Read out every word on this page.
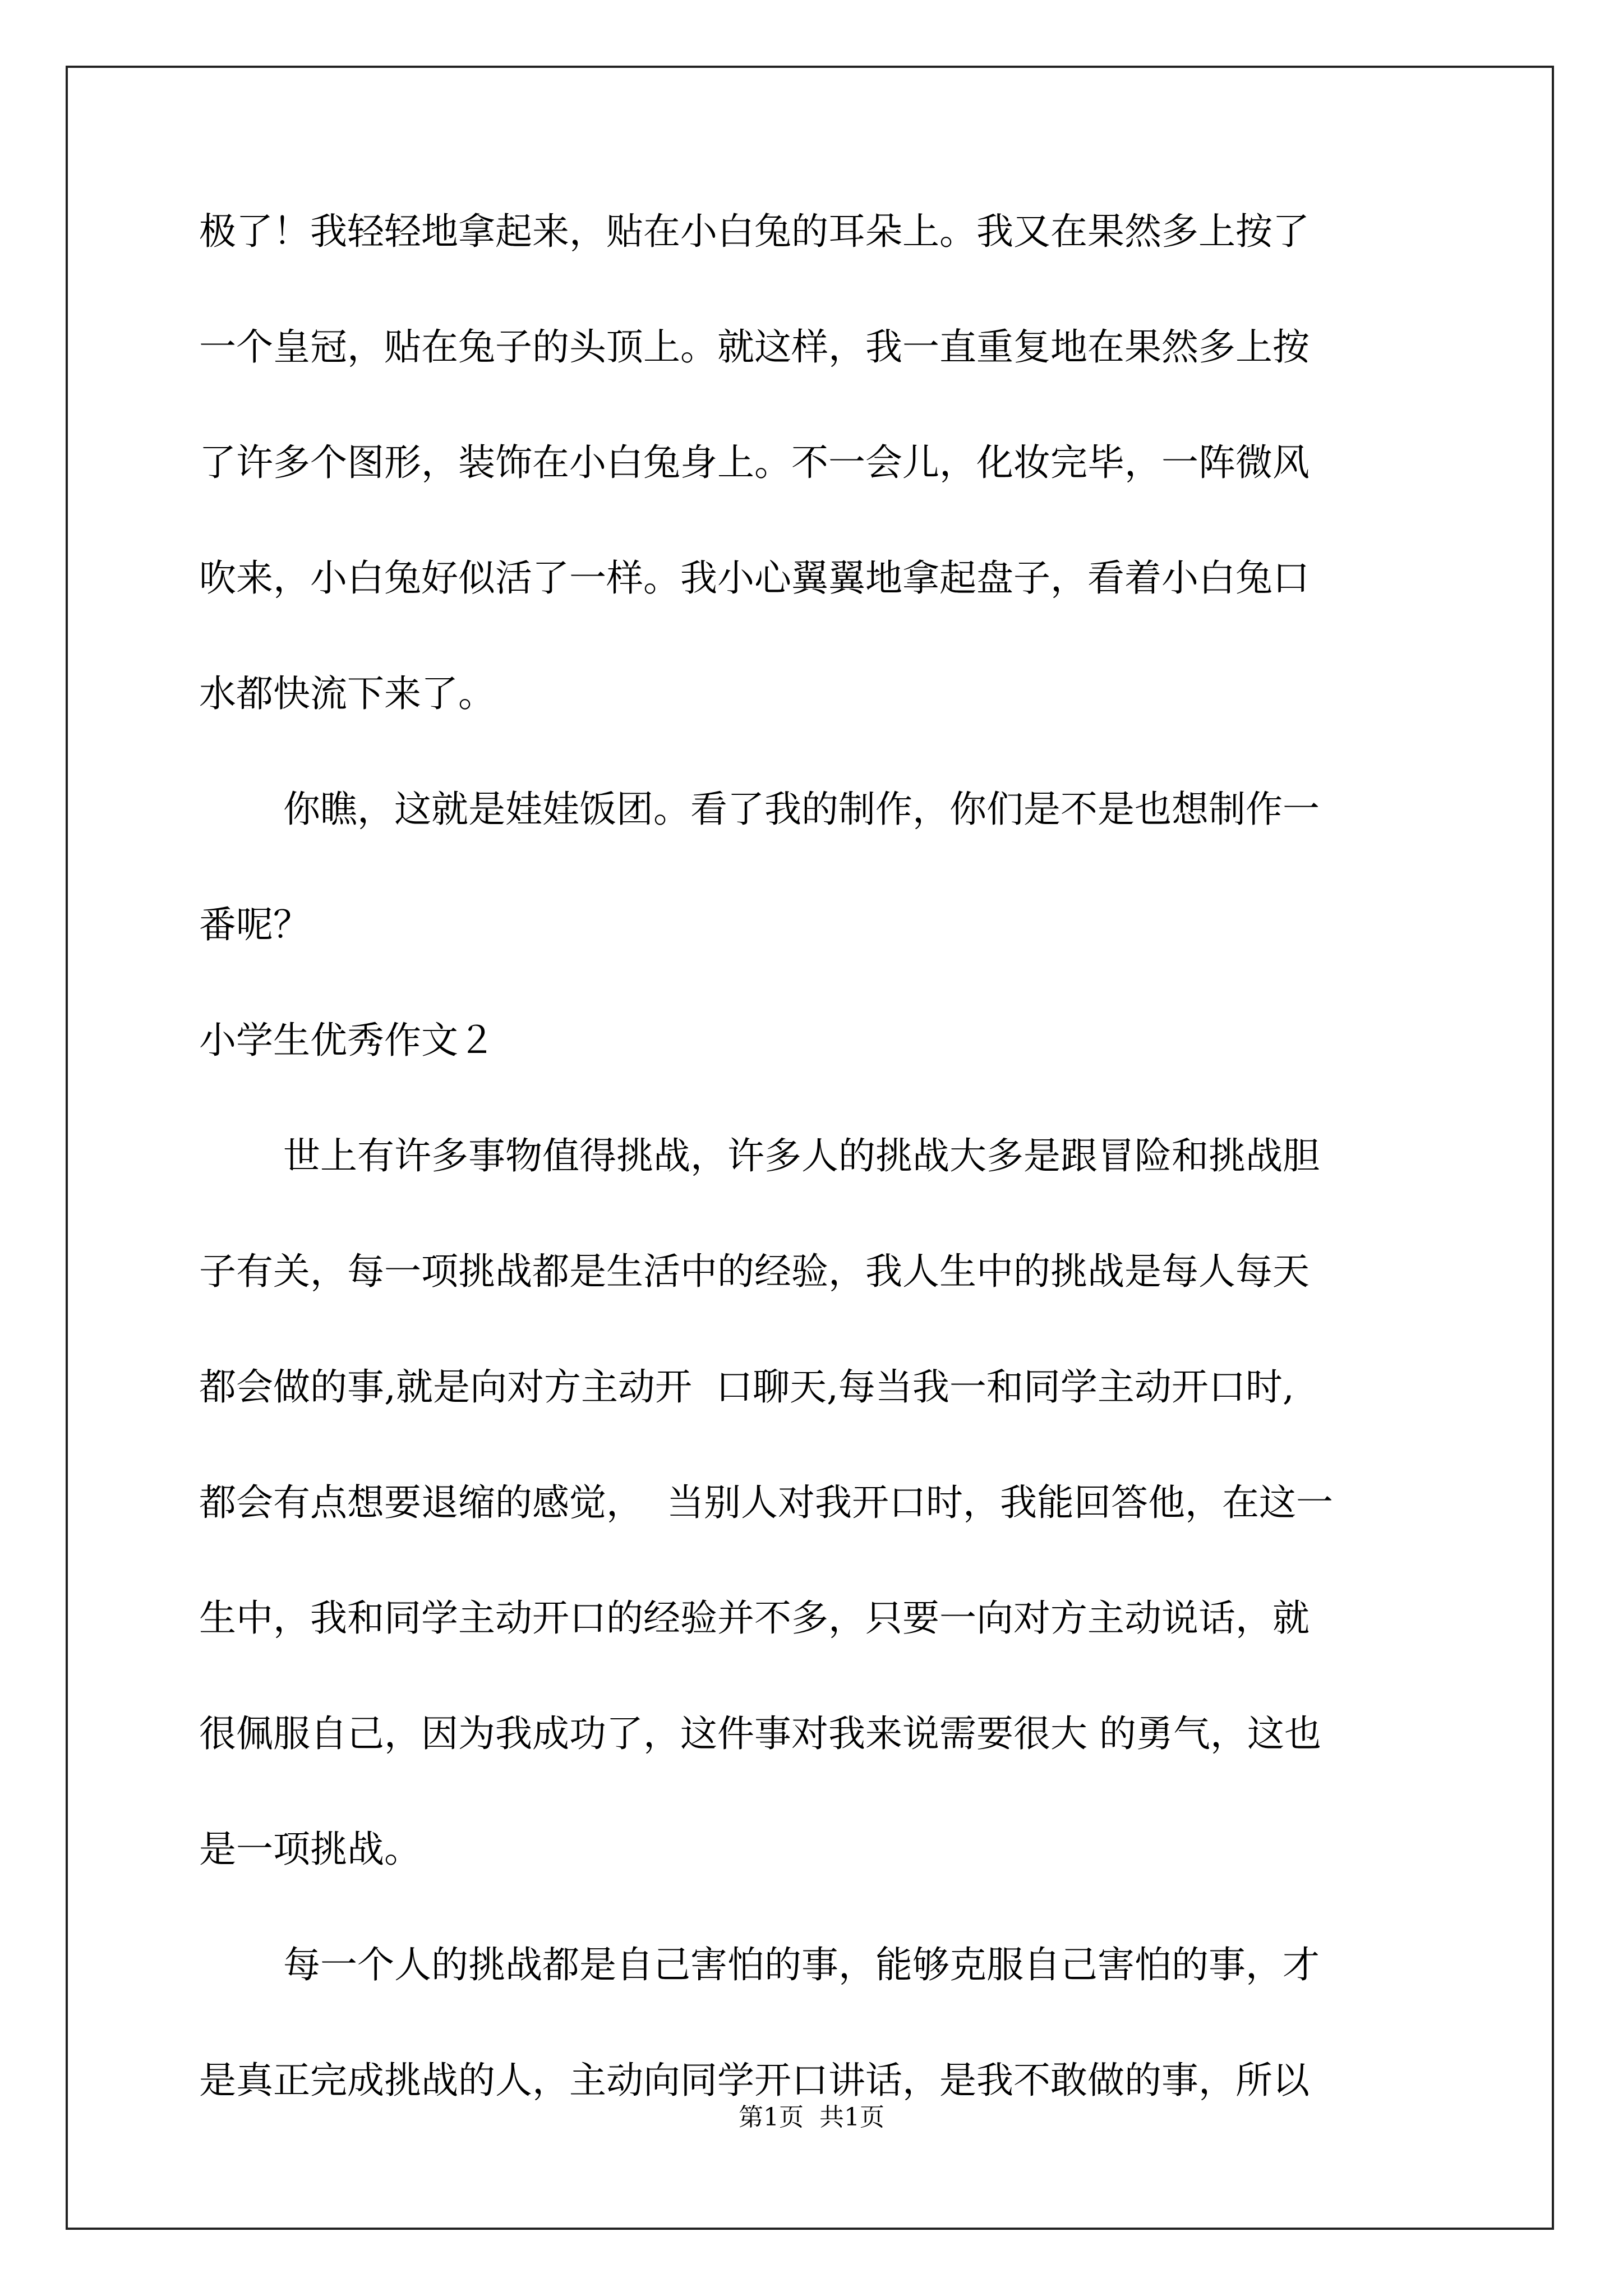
极了！我轻轻地拿起来，贴在小白兔的耳朵上。我又在果然多上按了
一个皇冠，贴在兔子的头顶上。就这样，我一直重复地在果然多上按
了许多个图形，装饰在小白兔身上。不一会儿，化妆完毕，一阵微风
吹来，小白兔好似活了一样。我小心翼翼地拿起盘子，看着小白兔口
水都快流下来了。
你瞧，这就是娃娃饭团。看了我的制作，你们是不是也想制作一
番呢？
小学生优秀作文２
世上有许多事物值得挑战，许多人的挑战大多是跟冒险和挑战胆
子有关，每一项挑战都是生活中的经验，我人生中的挑战是每人每天
都会做的事,就是向对方主动开  口聊天,每当我一和同学主动开口时,
都会有点想要退缩的感觉，  当别人对我开口时，我能回答他，在这一
生中，我和同学主动开口的经验并不多，只要一向对方主动说话，就
很佩服自己，因为我成功了，这件事对我来说需要很大 的勇气，这也
是一项挑战。
每一个人的挑战都是自己害怕的事，能够克服自己害怕的事，才
是真正完成挑战的人，主动向同学开口讲话，是我不敢做的事，所以
第1页  共1页
